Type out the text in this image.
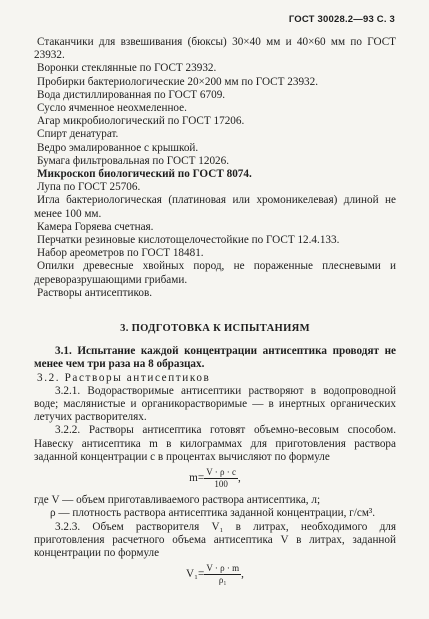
ГОСТ 30028.2—93 С. 3

Стаканчики для взвешивания (бюксы) 30×40 мм и 40×60 мм по ГОСТ 23932.

Воронки стеклянные по ГОСТ 23932.

Пробирки бактериологические 20×200 мм по ГОСТ 23932.

Вода дистиллированная по ГОСТ 6709.

Сусло ячменное неохмеленное.

Агар микробиологический по ГОСТ 17206.

Спирт денатурат.

Ведро эмалированное с крышкой.

Бумага фильтровальная по ГОСТ 12026.

Микроскоп биологический по ГОСТ 8074.

Лупа по ГОСТ 25706.

Игла бактериологическая (платиновая или хромоникелевая) длиной не менее 100 мм.

Камера Горяева счетная.

Перчатки резиновые кислотощелочестойкие по ГОСТ 12.4.133.

Набор ареометров по ГОСТ 18481.

Опилки древесные хвойных пород, не пораженные плесневыми и дереворазрушающими грибами.

Растворы антисептиков.

3. ПОДГОТОВКА К ИСПЫТАНИЯМ

3.1. Испытание каждой концентрации антисептика проводят не менее чем три раза на 8 образцах.

3.2. Растворы антисептиков

3.2.1. Водорастворимые антисептики растворяют в водопроводной воде; маслянистые и органикорастворимые — в инертных органических летучих растворителях.

3.2.2. Растворы антисептика готовят объемно-весовым способом. Навеску антисептика m в килограммах для приготовления раствора заданной концентрации c в процентах вычисляют по формуле

$m= \frac{V \cdot \rho \cdot c}{100}$ ,

где V — объем приготавливаемого раствора антисептика, л;

ρ — плотность раствора антисептика заданной концентрации, г/см³.

3.2.3. Объем растворителя V₁ в литрах, необходимого для приготовления расчетного объема антисептика V в литрах, заданной концентрации по формуле

$V_1= \frac{V \cdot \rho \cdot m}{\text{ρ₁}}$ ,
